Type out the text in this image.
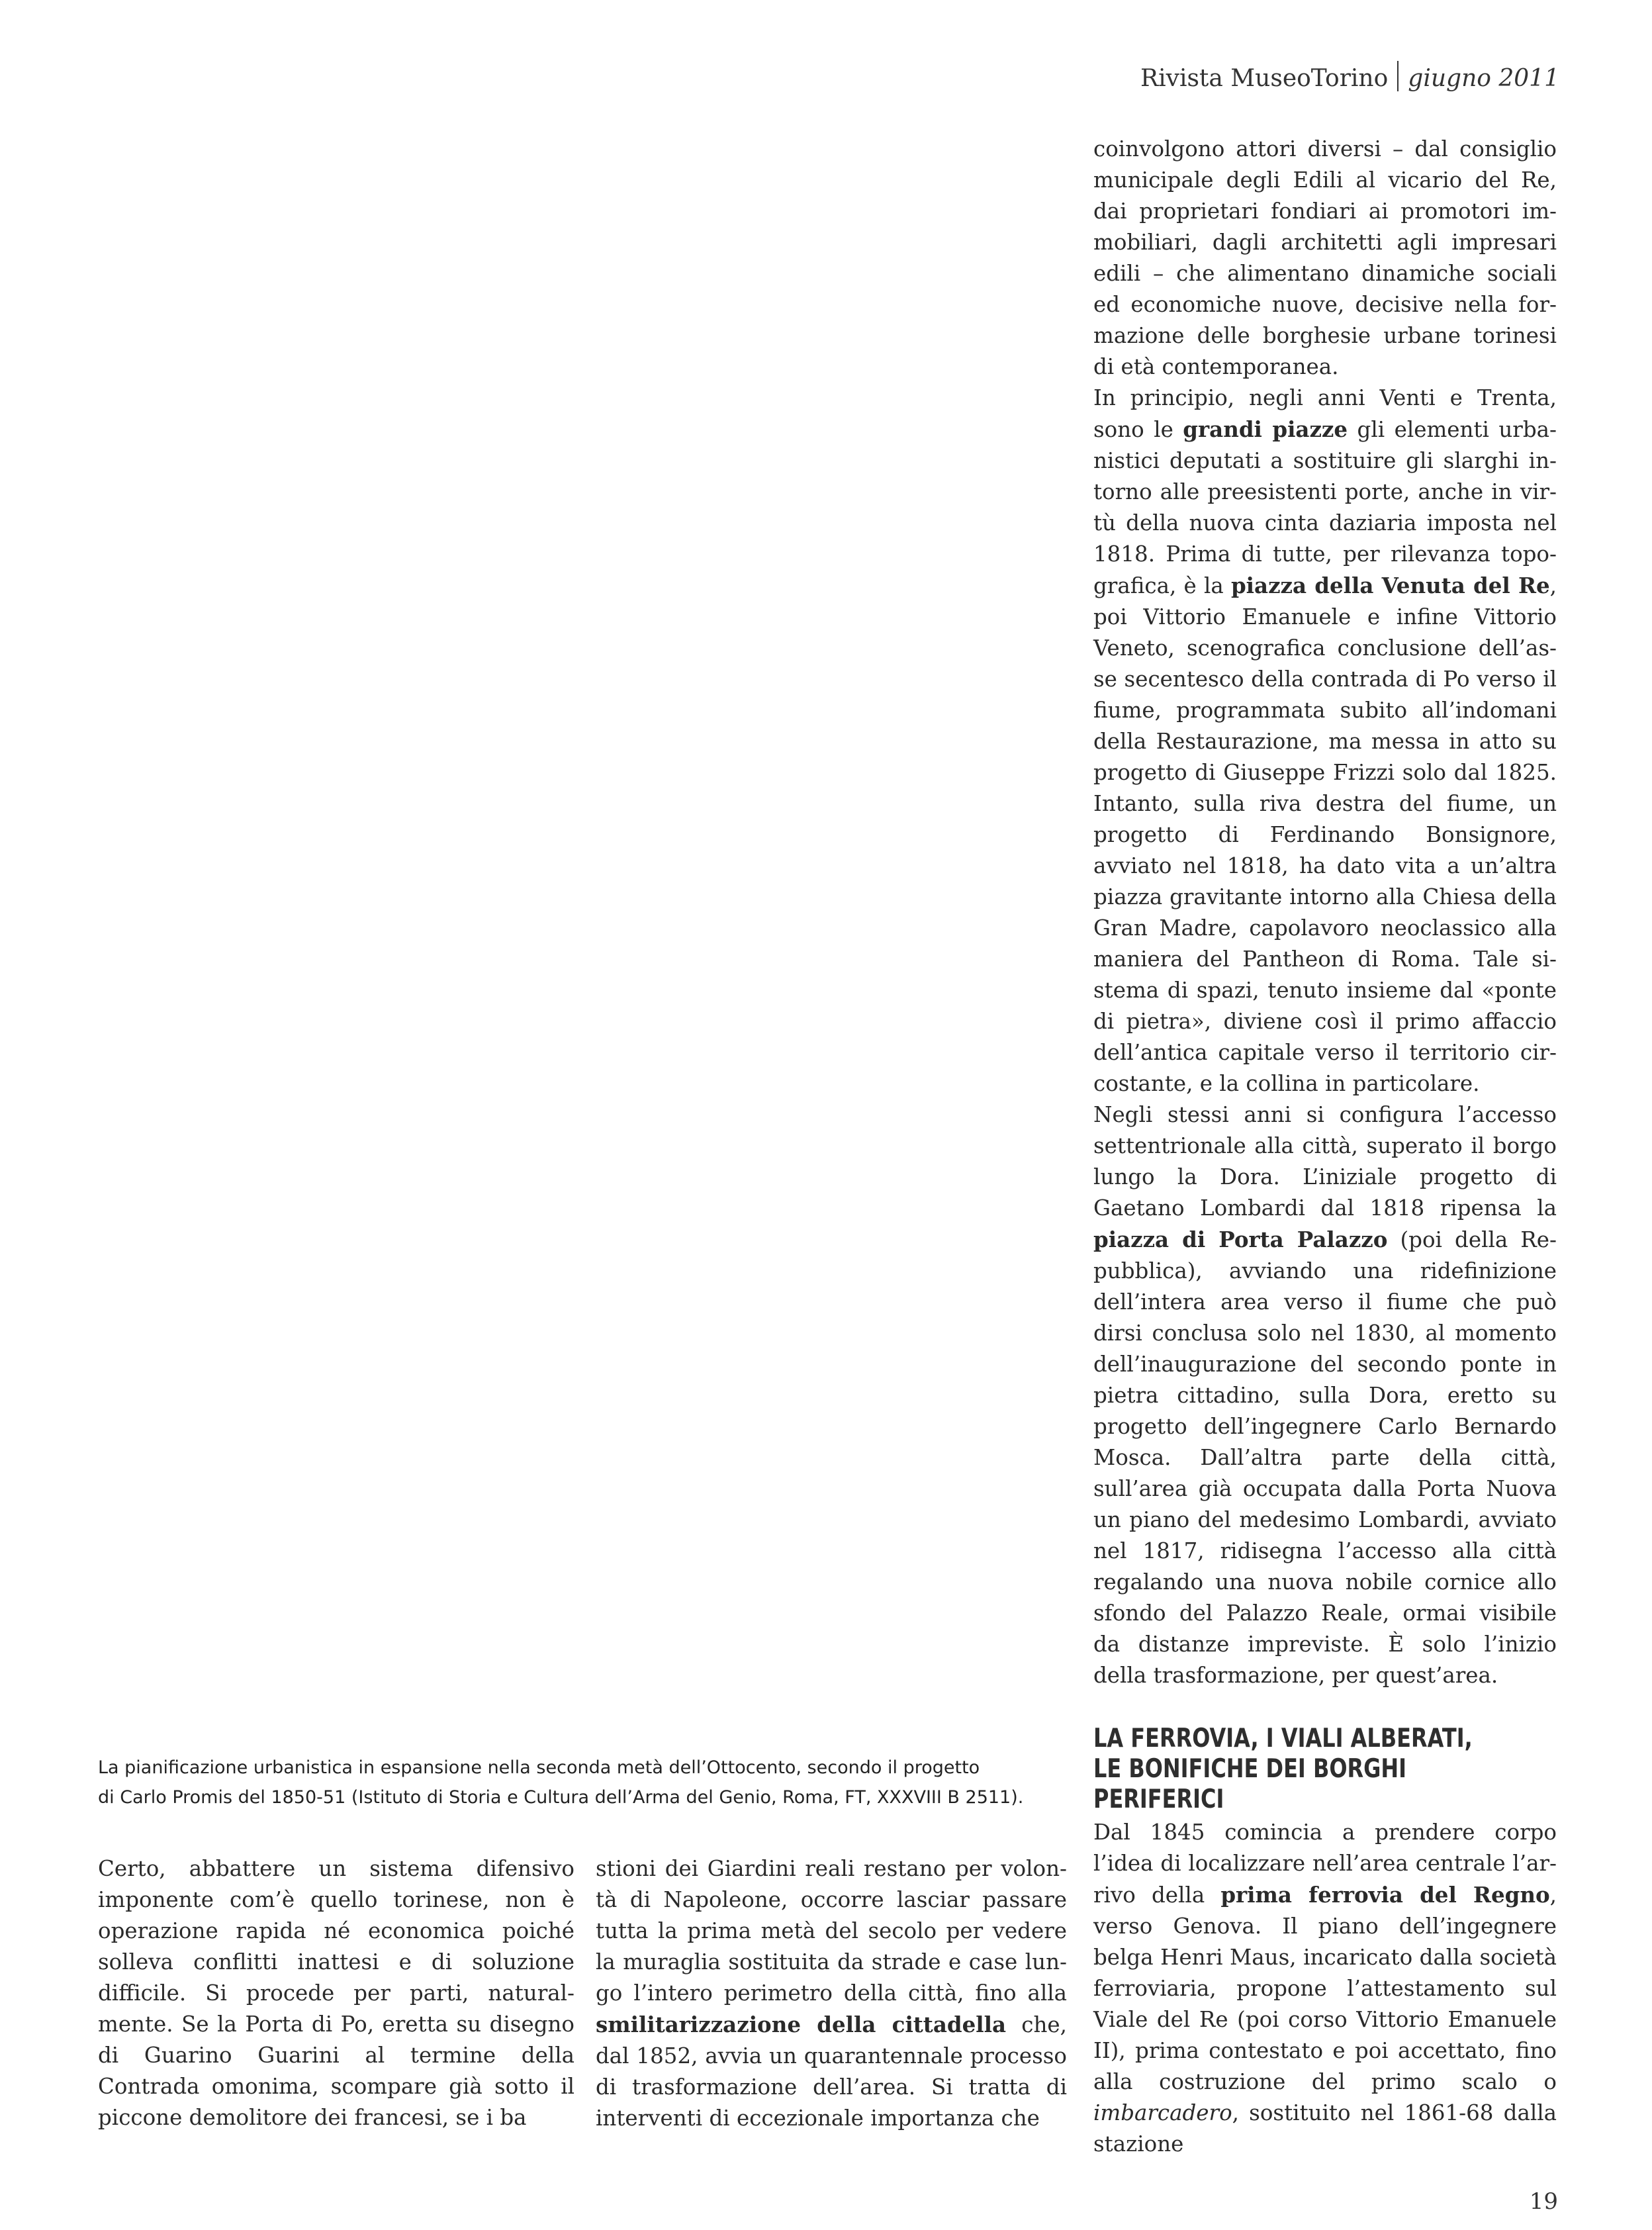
Rivista MuseoTorino giugno 2011

La pianificazione urbanistica in espansione nella seconda metà dell’Ottocento, secondo il progetto

di Carlo Promis del 1850-51 (Istituto di Storia e Cultura dell’Arma del Genio, Roma, FT, XXXVIII B 2511).

coinvolgono attori diversi – dal consiglio municipale degli Edili al vicario del Re, dai proprietari fondiari ai promotori immobiliari, dagli architetti agli impresari edili – che alimentano dinamiche sociali ed economiche nuove, decisive nella formazione delle borghesie urbane torinesi di età contemporanea.

In principio, negli anni Venti e Trenta, sono le grandi piazze gli elementi urbanistici deputati a sostituire gli slarghi intorno alle preesistenti porte, anche in virtù della nuova cinta daziaria imposta nel 1818. Prima di tutte, per rilevanza topografica, è la piazza della Venuta del Re, poi Vittorio Emanuele e infine Vittorio Veneto, scenografica conclusione dell’asse secentesco della contrada di Po verso il fiume, programmata subito all’indomani della Restaurazione, ma messa in atto su progetto di Giuseppe Frizzi solo dal 1825. Intanto, sulla riva destra del fiume, un progetto di Ferdinando Bonsignore, avviato nel 1818, ha dato vita a un’altra piazza gravitante intorno alla Chiesa della Gran Madre, capolavoro neoclassico alla maniera del Pantheon di Roma. Tale sistema di spazi, tenuto insieme dal «ponte di pietra», diviene così il primo affaccio dell’antica capitale verso il territorio circostante, e la collina in particolare.

Negli stessi anni si configura l’accesso settentrionale alla città, superato il borgo lungo la Dora. L’iniziale progetto di Gaetano Lombardi dal 1818 ripensa la piazza di Porta Palazzo (poi della Repubblica), avviando una ridefinizione dell’intera area verso il fiume che può dirsi conclusa solo nel 1830, al momento dell’inaugurazione del secondo ponte in pietra cittadino, sulla Dora, eretto su progetto dell’ingegnere Carlo Bernardo Mosca. Dall’altra parte della città, sull’area già occupata dalla Porta Nuova un piano del medesimo Lombardi, avviato nel 1817, ridisegna l’accesso alla città regalando una nuova nobile cornice allo sfondo del Palazzo Reale, ormai visibile da distanze impreviste. È solo l’inizio della trasformazione, per quest’area.

LA FERROVIA, I VIALI ALBERATI,
LE BONIFICHE DEI BORGHI PERIFERICI

Dal 1845 comincia a prendere corpo l’idea di localizzare nell’area centrale l’arrivo della prima ferrovia del Regno, verso Genova. Il piano dell’ingegnere belga Henri Maus, incaricato dalla società ferroviaria, propone l’attestamento sul Viale del Re (poi corso Vittorio Emanuele II), prima contestato e poi accettato, fino alla costruzione del primo scalo o imbarcadero, sostituito nel 1861-68 dalla stazione

Certo, abbattere un sistema difensivo imponente com’è quello torinese, non è operazione rapida né economica poiché solleva conflitti inattesi e di soluzione difficile. Si procede per parti, naturalmente. Se la Porta di Po, eretta su disegno di Guarino Guarini al termine della Contrada omonima, scompare già sotto il piccone demolitore dei francesi, se i ba

stioni dei Giardini reali restano per volontà di Napoleone, occorre lasciar passare tutta la prima metà del secolo per vedere la muraglia sostituita da strade e case lungo l’intero perimetro della città, fino alla smilitarizzazione della cittadella che, dal 1852, avvia un quarantennale processo di trasformazione dell’area. Si tratta di interventi di eccezionale importanza che

19
